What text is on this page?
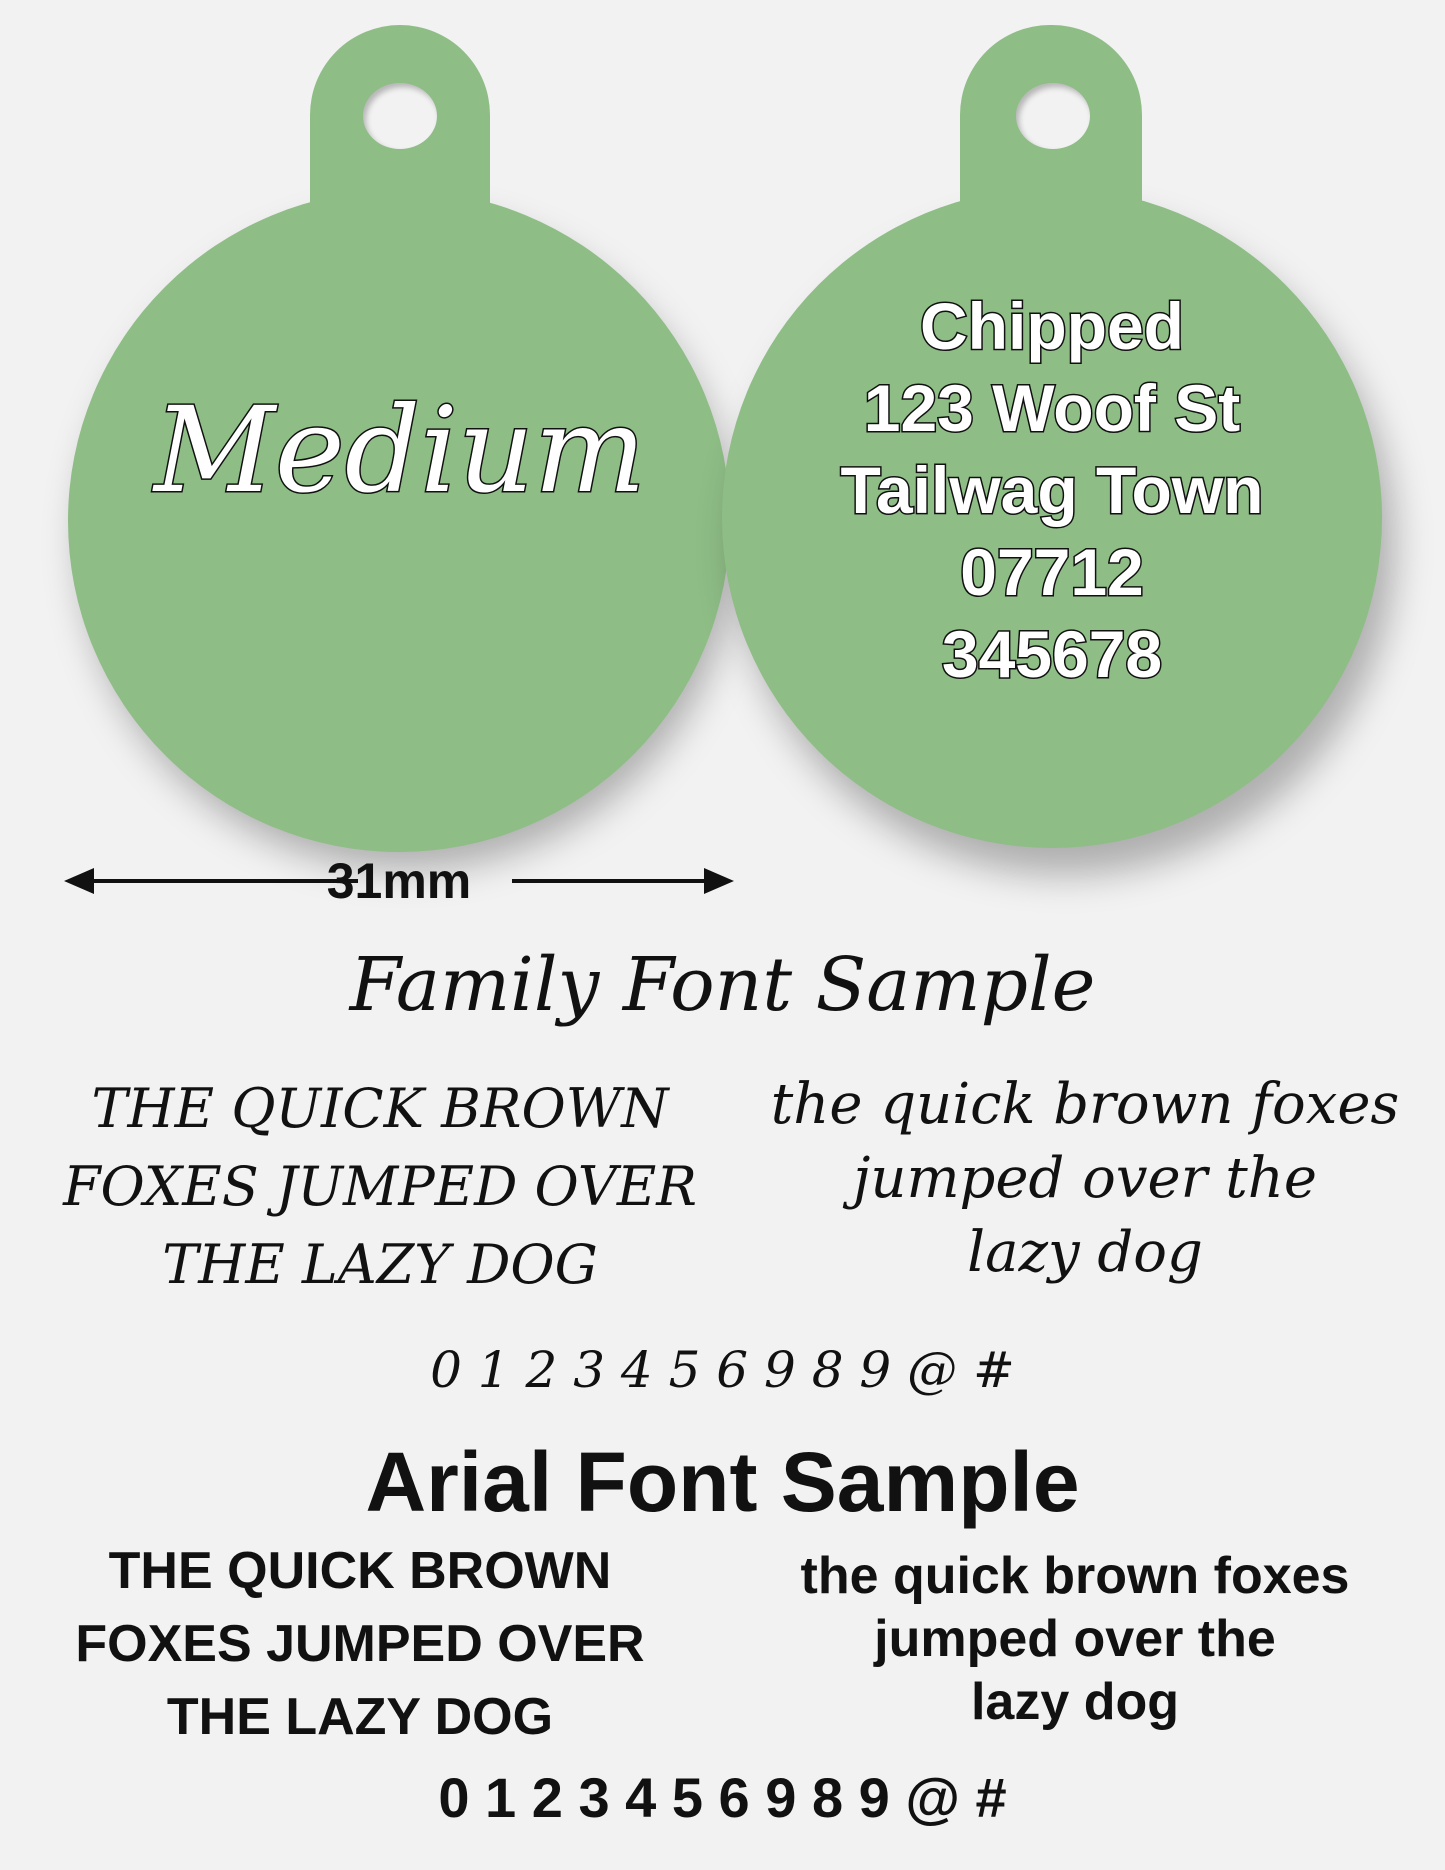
Medium
Chipped
123 Woof St
Tailwag Town
07712
345678
31mm
Family Font Sample
THE QUICK BROWN
FOXES JUMPED OVER
THE LAZY DOG
the quick brown foxes
jumped over the
lazy dog
0 1 2 3 4 5 6 9 8 9 @ #
Arial Font Sample
THE QUICK BROWN
FOXES JUMPED OVER
THE LAZY DOG
the quick brown foxes
jumped over the
lazy dog
0 1 2 3 4 5 6 9 8 9 @ #
